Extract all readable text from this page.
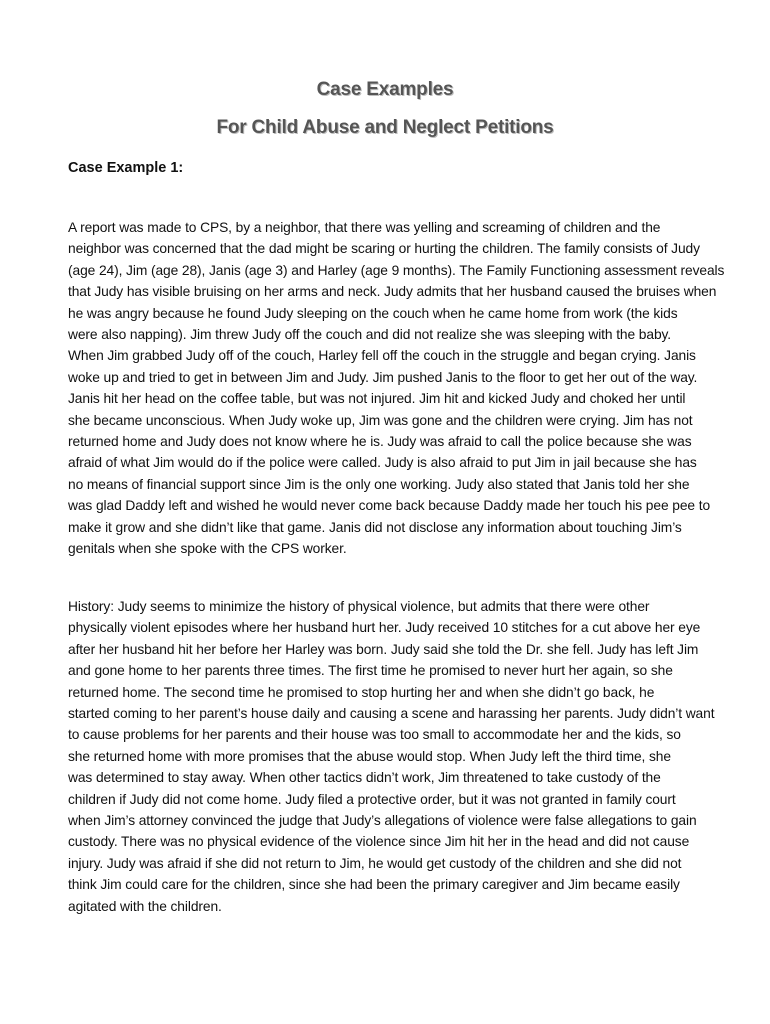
Case Examples
For Child Abuse and Neglect Petitions
Case Example 1:
A report was made to CPS, by a neighbor, that there was yelling and screaming of children and the
neighbor was concerned that the dad might be scaring or hurting the children. The family consists of Judy
(age 24), Jim (age 28), Janis (age 3) and Harley (age 9 months). The Family Functioning assessment reveals
that Judy has visible bruising on her arms and neck. Judy admits that her husband caused the bruises when
he was angry because he found Judy sleeping on the couch when he came home from work (the kids
were also napping). Jim threw Judy off the couch and did not realize she was sleeping with the baby.
When Jim grabbed Judy off of the couch, Harley fell off the couch in the struggle and began crying. Janis
woke up and tried to get in between Jim and Judy. Jim pushed Janis to the floor to get her out of the way.
Janis hit her head on the coffee table, but was not injured. Jim hit and kicked Judy and choked her until
she became unconscious. When Judy woke up, Jim was gone and the children were crying. Jim has not
returned home and Judy does not know where he is. Judy was afraid to call the police because she was
afraid of what Jim would do if the police were called. Judy is also afraid to put Jim in jail because she has
no means of financial support since Jim is the only one working. Judy also stated that Janis told her she
was glad Daddy left and wished he would never come back because Daddy made her touch his pee pee to
make it grow and she didn’t like that game. Janis did not disclose any information about touching Jim’s
genitals when she spoke with the CPS worker.
History: Judy seems to minimize the history of physical violence, but admits that there were other
physically violent episodes where her husband hurt her. Judy received 10 stitches for a cut above her eye
after her husband hit her before her Harley was born. Judy said she told the Dr. she fell. Judy has left Jim
and gone home to her parents three times. The first time he promised to never hurt her again, so she
returned home. The second time he promised to stop hurting her and when she didn’t go back, he
started coming to her parent’s house daily and causing a scene and harassing her parents. Judy didn’t want
to cause problems for her parents and their house was too small to accommodate her and the kids, so
she returned home with more promises that the abuse would stop. When Judy left the third time, she
was determined to stay away. When other tactics didn’t work, Jim threatened to take custody of the
children if Judy did not come home. Judy filed a protective order, but it was not granted in family court
when Jim’s attorney convinced the judge that Judy’s allegations of violence were false allegations to gain
custody. There was no physical evidence of the violence since Jim hit her in the head and did not cause
injury. Judy was afraid if she did not return to Jim, he would get custody of the children and she did not
think Jim could care for the children, since she had been the primary caregiver and Jim became easily
agitated with the children.
